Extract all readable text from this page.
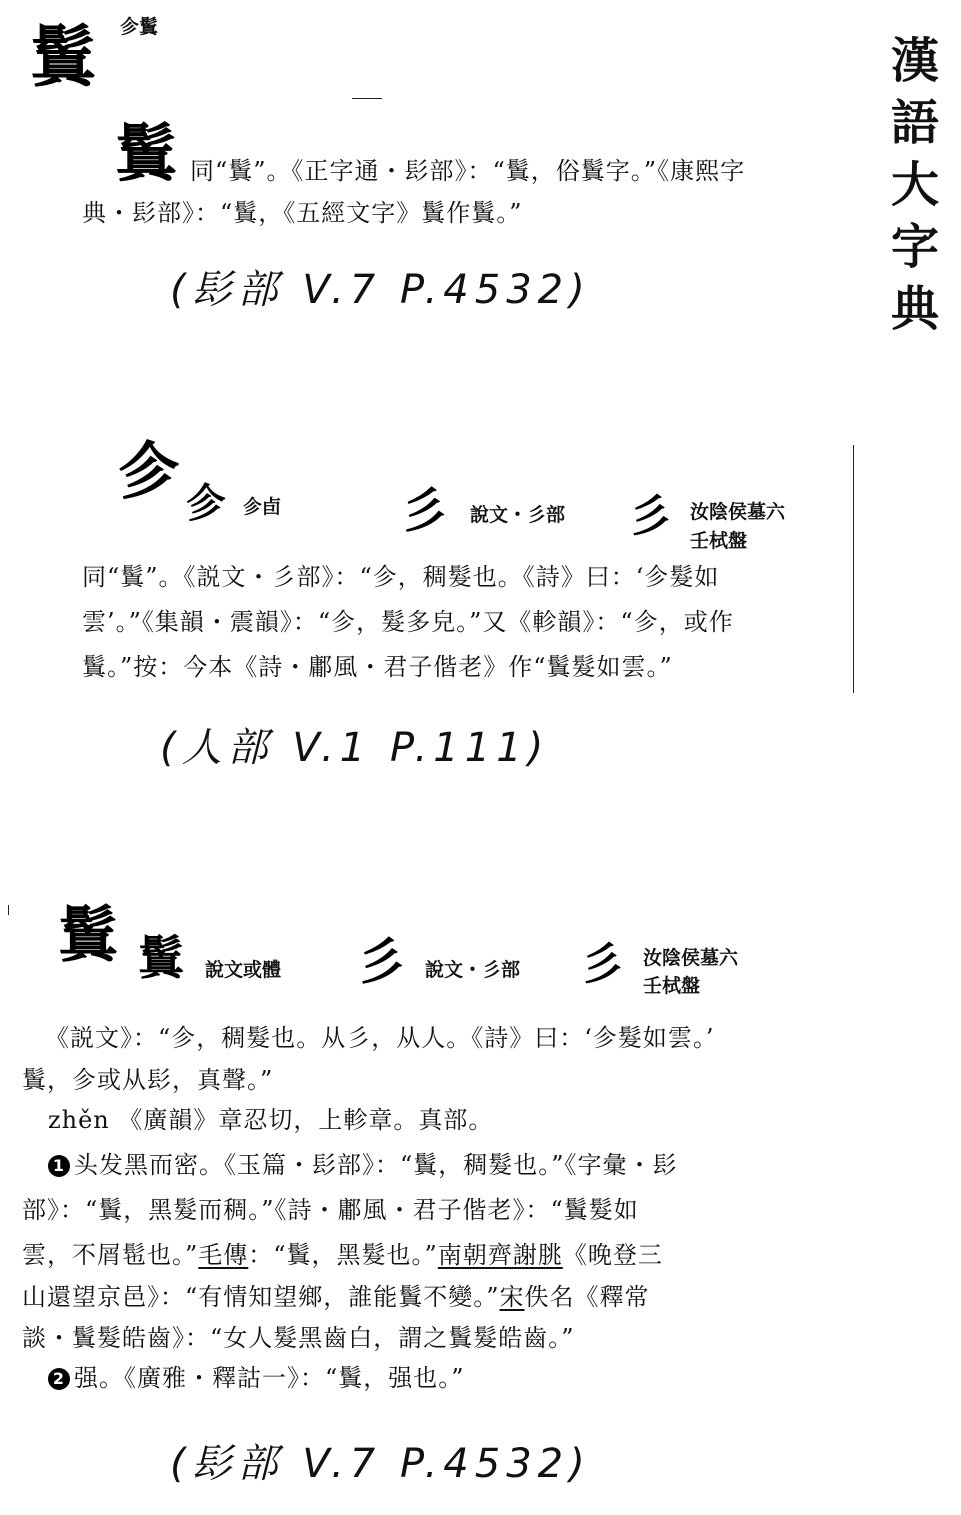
漢語大字典
鬒 㐱鬒
鬒 同“鬒”。《正字通・髟部》：“鬒，俗鬒字。”《康熙字
典・髟部》：“鬒，《五經文字》鬒作鬒。”
(髟部 V.7 P.4532)
㐱 㐱 㐱卣 彡 說文・彡部 彡 汝陰侯墓六
壬栻盤
同“鬒”。《説文・彡部》：“㐱，稠髮也。《詩》曰：‘㐱髮如
雲’。”《集韻・震韻》：“㐱，髮多皃。”又《軫韻》：“㐱，或作
鬒。”按：今本《詩・鄘風・君子偕老》作“鬒髮如雲。”
(人部 V.1 P.111)
鬒 鬒 說文或體 彡 說文・彡部 彡 汝陰侯墓六
壬栻盤
《説文》：“㐱，稠髮也。从彡，从人。《詩》曰：‘㐱髮如雲。’
鬒，㐱或从髟，真聲。”
zhěn 《廣韻》章忍切，上軫章。真部。
1 头发黑而密。《玉篇・髟部》：“鬒，稠髮也。”《字彙・髟
部》：“鬒，黑髮而稠。”《詩・鄘風・君子偕老》：“鬒髮如
雲，不屑髢也。”毛傳：“鬒，黑髮也。”南朝齊謝朓《晚登三
山還望京邑》：“有情知望鄉，誰能鬒不變。”宋佚名《釋常
談・鬒髮皓齒》：“女人髮黑齒白，謂之鬒髮皓齒。”
2 强。《廣雅・釋詁一》：“鬒，强也。”
(髟部 V.7 P.4532)
